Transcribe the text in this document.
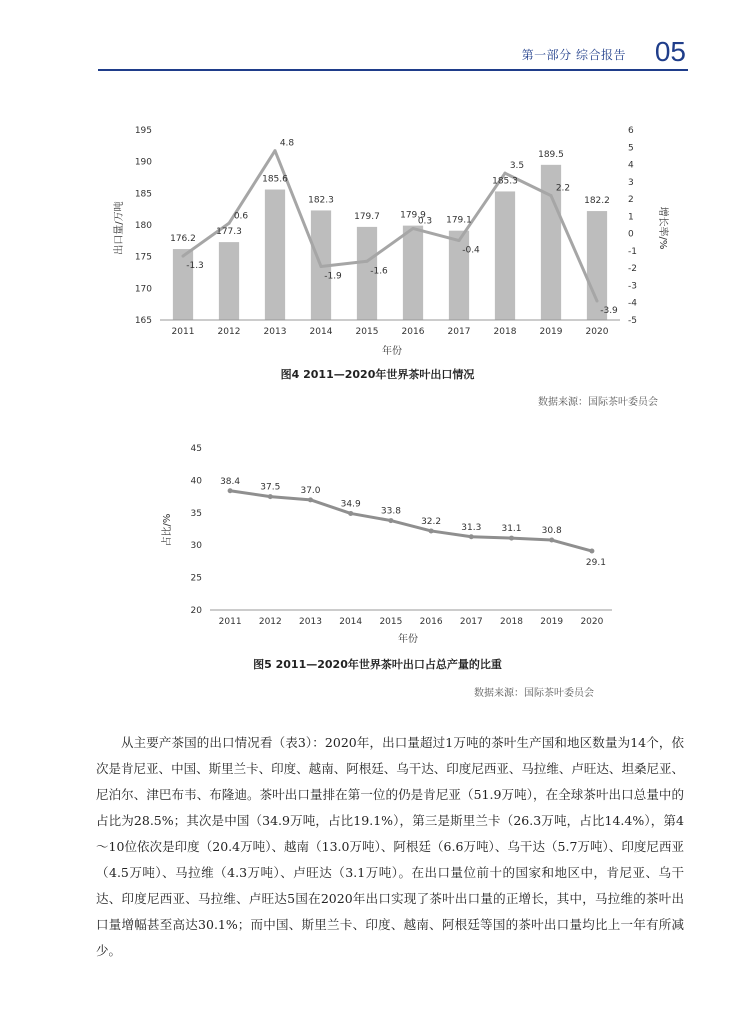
第一部分 综合报告 05
176.2
177.3
185.6
182.3
179.7 179.9
179.1
185.3
189.5
182.2
-1.3
0.6
4.8
-1.9
-1.6
0.3
-0.4
3.5
2.2
-3.9
165
170
175
180
185
190
195
-5
-4
-3
-2
-1
0
1
2
3
4
5
6
2011	2012	2013	2014	2015	2016	2017	2018	2019	2020
出口量/万吨	增长率/%
年份
图4 2011—2020年世界茶叶出口情况
数据来源：国际茶叶委员会
38.4
37.5 37.0
34.9
33.8
32.2
31.3 31.1 30.8
29.1
20
25
30
35
40
45
2011 2012 2013 2014 2015 2016 2017 2018 2019 2020
占比/%
年份
图5 2011—2020年世界茶叶出口占总产量的比重
数据来源：国际茶叶委员会

从主要产茶国的出口情况看（表3）：2020年，出口量超过1万吨的茶叶生产国和地区数量为14个，依次是肯尼亚、中国、斯里兰卡、印度、越南、阿根廷、乌干达、印度尼西亚、马拉维、卢旺达、坦桑尼亚、尼泊尔、津巴布韦、布隆迪。茶叶出口量排在第一位的仍是肯尼亚（51.9万吨），在全球茶叶出口总量中的占比为28.5%；其次是中国（34.9万吨，占比19.1%），第三是斯里兰卡（26.3万吨，占比14.4%），第4～10位依次是印度（20.4万吨）、越南（13.0万吨）、阿根廷（6.6万吨）、乌干达（5.7万吨）、印度尼西亚（4.5万吨）、马拉维（4.3万吨）、卢旺达（3.1万吨）。在出口量位前十的国家和地区中，肯尼亚、乌干达、印度尼西亚、马拉维、卢旺达5国在2020年出口实现了茶叶出口量的正增长，其中，马拉维的茶叶出口量增幅甚至高达30.1%；而中国、斯里兰卡、印度、越南、阿根廷等国的茶叶出口量均比上一年有所减少。
